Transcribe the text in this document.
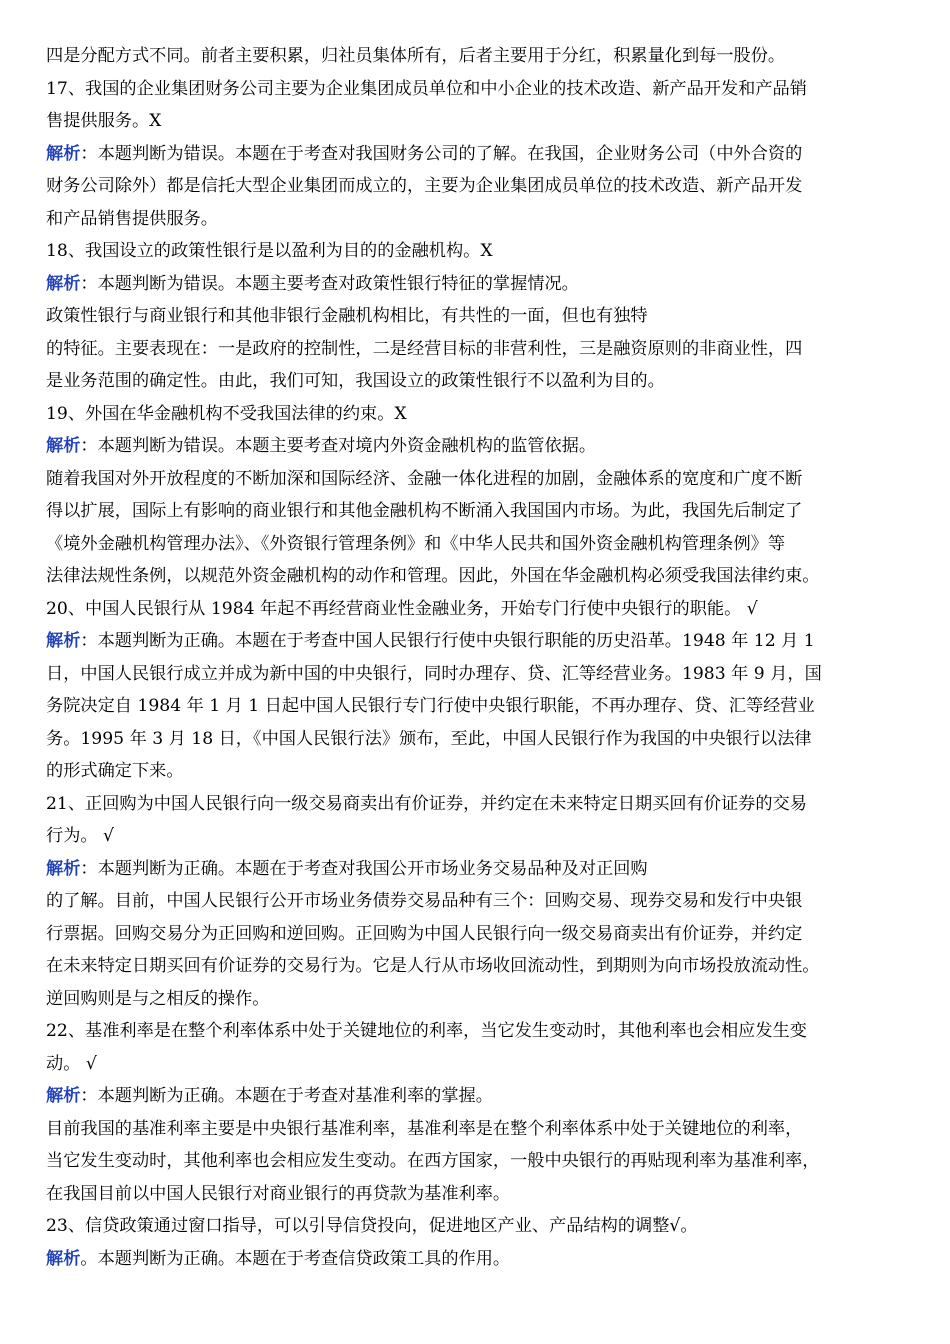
四是分配方式不同。前者主要积累，归社员集体所有，后者主要用于分红，积累量化到每一股份。
17、我国的企业集团财务公司主要为企业集团成员单位和中小企业的技术改造、新产品开发和产品销
售提供服务。X
解析：本题判断为错误。本题在于考查对我国财务公司的了解。在我国，企业财务公司（中外合资的
财务公司除外）都是信托大型企业集团而成立的，主要为企业集团成员单位的技术改造、新产品开发
和产品销售提供服务。
18、我国设立的政策性银行是以盈利为目的的金融机构。X
解析：本题判断为错误。本题主要考查对政策性银行特征的掌握情况。
政策性银行与商业银行和其他非银行金融机构相比，有共性的一面，但也有独特
的特征。主要表现在：一是政府的控制性，二是经营目标的非营利性，三是融资原则的非商业性，四
是业务范围的确定性。由此，我们可知，我国设立的政策性银行不以盈利为目的。
19、外国在华金融机构不受我国法律的约束。X
解析：本题判断为错误。本题主要考查对境内外资金融机构的监管依据。
随着我国对外开放程度的不断加深和国际经济、金融一体化进程的加剧，金融体系的宽度和广度不断
得以扩展，国际上有影响的商业银行和其他金融机构不断涌入我国国内市场。为此，我国先后制定了
《境外金融机构管理办法》、《外资银行管理条例》和《中华人民共和国外资金融机构管理条例》等
法律法规性条例，以规范外资金融机构的动作和管理。因此，外国在华金融机构必须受我国法律约束。
20、中国人民银行从 1984 年起不再经营商业性金融业务，开始专门行使中央银行的职能。 √
解析：本题判断为正确。本题在于考查中国人民银行行使中央银行职能的历史沿革。1948 年 12 月 1
日，中国人民银行成立并成为新中国的中央银行，同时办理存、贷、汇等经营业务。1983 年 9 月，国
务院决定自 1984 年 1 月 1 日起中国人民银行专门行使中央银行职能，不再办理存、贷、汇等经营业
务。1995 年 3 月 18 日，《中国人民银行法》颁布，至此，中国人民银行作为我国的中央银行以法律
的形式确定下来。
21、正回购为中国人民银行向一级交易商卖出有价证券，并约定在未来特定日期买回有价证券的交易
行为。 √
解析：本题判断为正确。本题在于考查对我国公开市场业务交易品种及对正回购
的了解。目前，中国人民银行公开市场业务债券交易品种有三个：回购交易、现券交易和发行中央银
行票据。回购交易分为正回购和逆回购。正回购为中国人民银行向一级交易商卖出有价证券，并约定
在未来特定日期买回有价证券的交易行为。它是人行从市场收回流动性，到期则为向市场投放流动性。
逆回购则是与之相反的操作。
22、基准利率是在整个利率体系中处于关键地位的利率，当它发生变动时，其他利率也会相应发生变
动。 √
解析：本题判断为正确。本题在于考查对基准利率的掌握。
目前我国的基准利率主要是中央银行基准利率，基准利率是在整个利率体系中处于关键地位的利率，
当它发生变动时，其他利率也会相应发生变动。在西方国家，一般中央银行的再贴现利率为基准利率，
在我国目前以中国人民银行对商业银行的再贷款为基准利率。
23、信贷政策通过窗口指导，可以引导信贷投向，促进地区产业、产品结构的调整√。
解析。本题判断为正确。本题在于考查信贷政策工具的作用。
